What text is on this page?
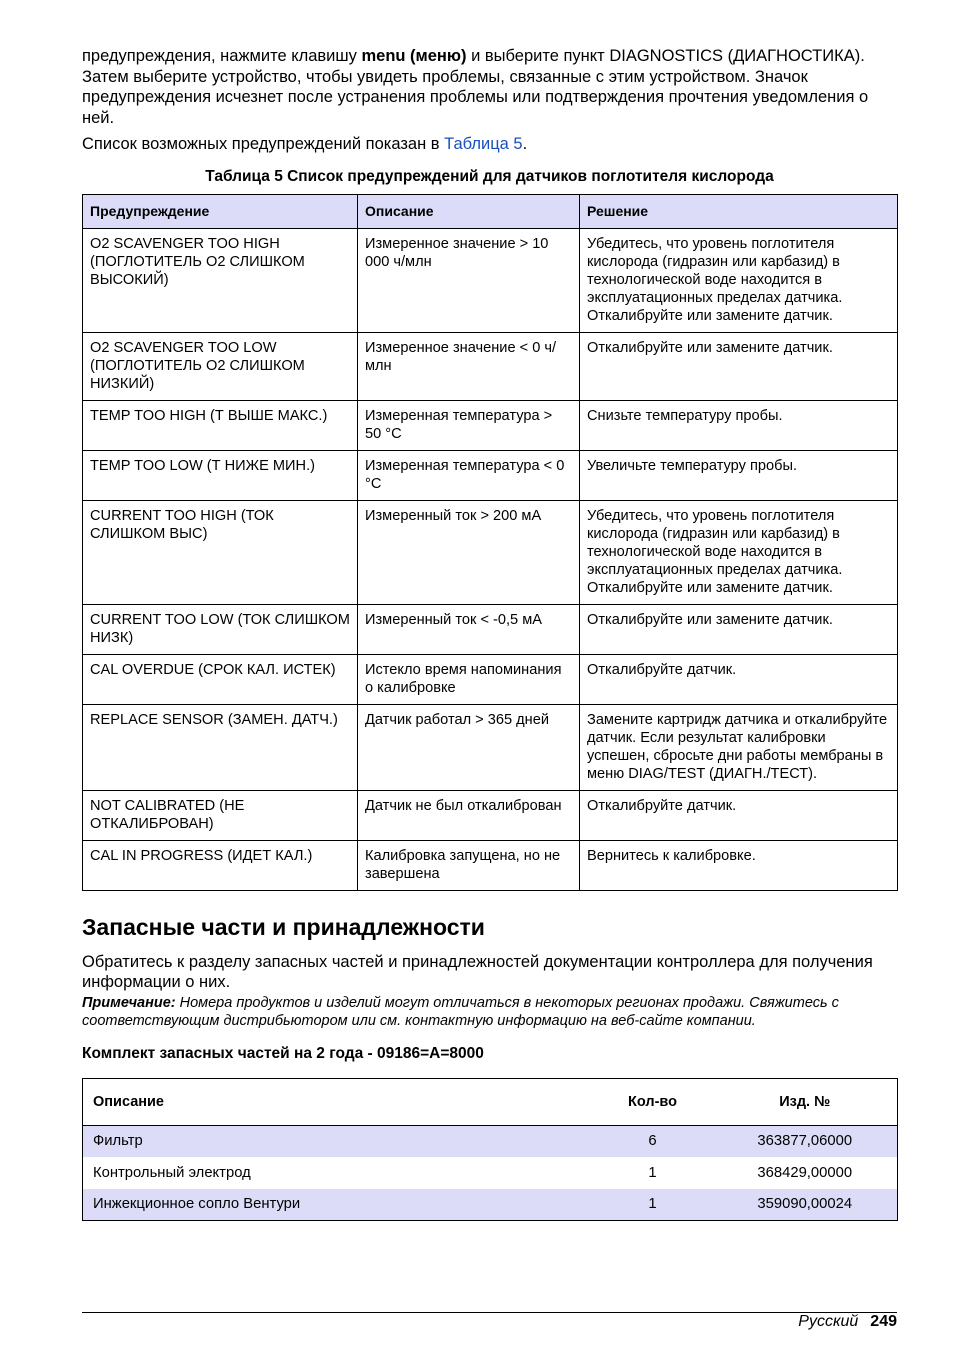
предупреждения, нажмите клавишу menu (меню) и выберите пункт DIAGNOSTICS (ДИАГНОСТИКА). Затем выберите устройство, чтобы увидеть проблемы, связанные с этим устройством. Значок предупреждения исчезнет после устранения проблемы или подтверждения прочтения уведомления о ней.

Список возможных предупреждений показан в Таблица 5.

Таблица 5 Список предупреждений для датчиков поглотителя кислорода
Предупреждение	Описание	Решение
O2 SCAVENGER TOO HIGH (ПОГЛОТИТЕЛЬ O2 СЛИШКОМ ВЫСОКИЙ)	Измеренное значение > 10 000 ч/млн	Убедитесь, что уровень поглотителя кислорода (гидразин или карбазид) в технологической воде находится в эксплуатационных пределах датчика. Откалибруйте или замените датчик.
O2 SCAVENGER TOO LOW (ПОГЛОТИТЕЛЬ O2 СЛИШКОМ НИЗКИЙ)	Измеренное значение < 0 ч/млн	Откалибруйте или замените датчик.
TEMP TOO HIGH (Т ВЫШЕ МАКС.)	Измеренная температура > 50 °C	Снизьте температуру пробы.
TEMP TOO LOW (Т НИЖЕ МИН.)	Измеренная температура < 0 °C	Увеличьте температуру пробы.
CURRENT TOO HIGH (ТОК СЛИШКОМ ВЫС)	Измеренный ток > 200 мА	Убедитесь, что уровень поглотителя кислорода (гидразин или карбазид) в технологической воде находится в эксплуатационных пределах датчика. Откалибруйте или замените датчик.
CURRENT TOO LOW (ТОК СЛИШКОМ НИЗК)	Измеренный ток < -0,5 мА	Откалибруйте или замените датчик.
CAL OVERDUE (СРОК КАЛ. ИСТЕК)	Истекло время напоминания о калибровке	Откалибруйте датчик.
REPLACE SENSOR (ЗАМЕН. ДАТЧ.)	Датчик работал > 365 дней	Замените картридж датчика и откалибруйте датчик. Если результат калибровки успешен, сбросьте дни работы мембраны в меню DIAG/TEST (ДИАГН./ТЕСТ).
NOT CALIBRATED (НЕ ОТКАЛИБРОВАН)	Датчик не был откалиброван	Откалибруйте датчик.
CAL IN PROGRESS (ИДЕТ КАЛ.)	Калибровка запущена, но не завершена	Вернитесь к калибровке.
Запасные части и принадлежности

Обратитесь к разделу запасных частей и принадлежностей документации контроллера для получения информации о них.

Примечание: Номера продуктов и изделий могут отличаться в некоторых регионах продажи. Свяжитесь с соответствующим дистрибьютором или см. контактную информацию на веб-сайте компании.

Комплект запасных частей на 2 года - 09186=A=8000
Описание	Кол-во	Изд. №
Фильтр	6	363877,06000
Контрольный электрод	1	368429,00000
Инжекционное сопло Вентури	1	359090,00024
Русский 249
